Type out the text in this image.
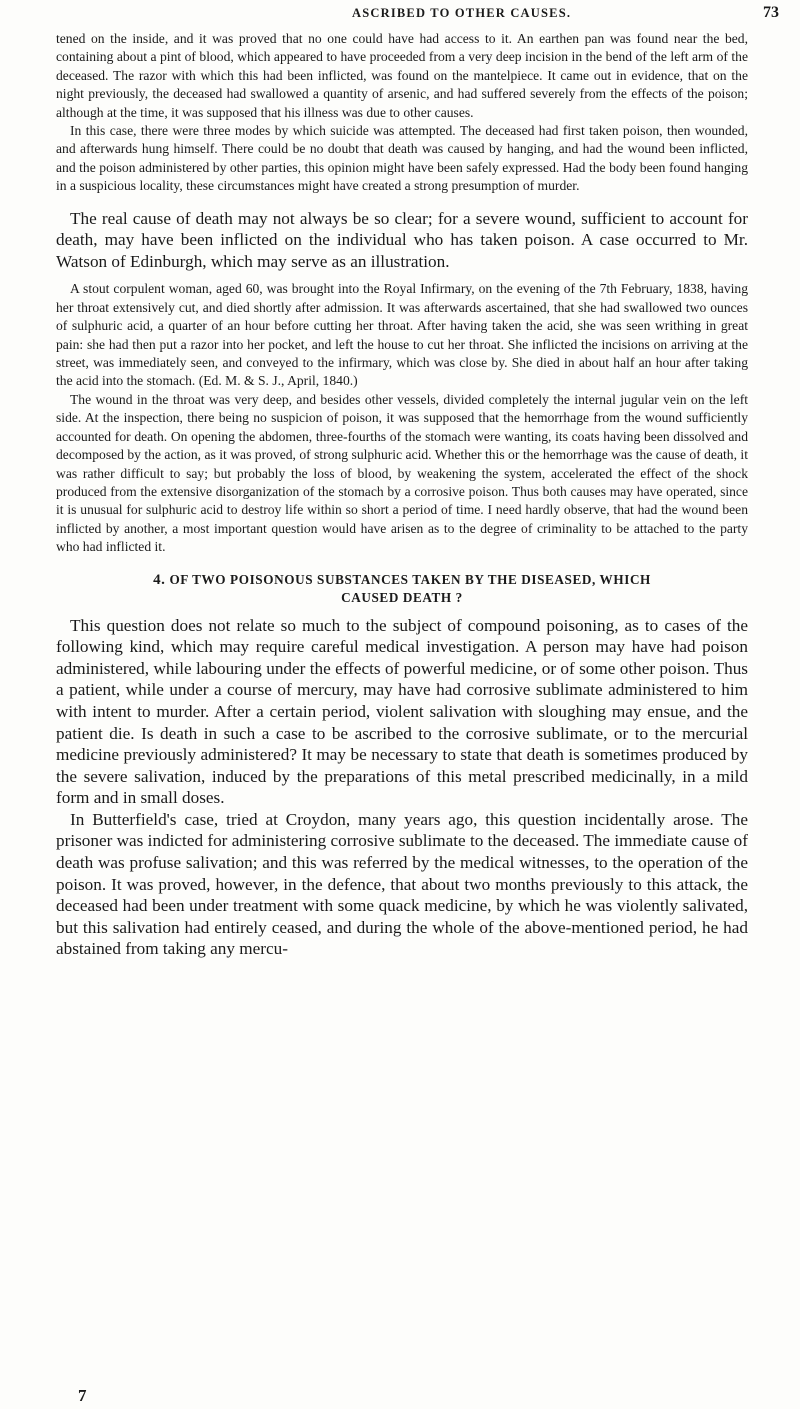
ASCRIBED TO OTHER CAUSES.	73

tened on the inside, and it was proved that no one could have had access to it. An earthen pan was found near the bed, containing about a pint of blood, which appeared to have proceeded from a very deep incision in the bend of the left arm of the deceased. The razor with which this had been inflicted, was found on the mantelpiece. It came out in evidence, that on the night previously, the deceased had swallowed a quantity of arsenic, and had suffered severely from the effects of the poison; although at the time, it was supposed that his illness was due to other causes.

In this case, there were three modes by which suicide was attempted. The deceased had first taken poison, then wounded, and afterwards hung himself. There could be no doubt that death was caused by hanging, and had the wound been inflicted, and the poison administered by other parties, this opinion might have been safely expressed. Had the body been found hanging in a suspicious locality, these circumstances might have created a strong presumption of murder.

The real cause of death may not always be so clear; for a severe wound, sufficient to account for death, may have been inflicted on the individual who has taken poison. A case occurred to Mr. Watson of Edinburgh, which may serve as an illustration.

A stout corpulent woman, aged 60, was brought into the Royal Infirmary, on the evening of the 7th February, 1838, having her throat extensively cut, and died shortly after admission. It was afterwards ascertained, that she had swallowed two ounces of sulphuric acid, a quarter of an hour before cutting her throat. After having taken the acid, she was seen writhing in great pain: she had then put a razor into her pocket, and left the house to cut her throat. She inflicted the incisions on arriving at the street, was immediately seen, and conveyed to the infirmary, which was close by. She died in about half an hour after taking the acid into the stomach. (Ed. M. & S. J., April, 1840.)

The wound in the throat was very deep, and besides other vessels, divided completely the internal jugular vein on the left side. At the inspection, there being no suspicion of poison, it was supposed that the hemorrhage from the wound sufficiently accounted for death. On opening the abdomen, three-fourths of the stomach were wanting, its coats having been dissolved and decomposed by the action, as it was proved, of strong sulphuric acid. Whether this or the hemorrhage was the cause of death, it was rather difficult to say; but probably the loss of blood, by weakening the system, accelerated the effect of the shock produced from the extensive disorganization of the stomach by a corrosive poison. Thus both causes may have operated, since it is unusual for sulphuric acid to destroy life within so short a period of time. I need hardly observe, that had the wound been inflicted by another, a most important question would have arisen as to the degree of criminality to be attached to the party who had inflicted it.

4. OF TWO POISONOUS SUBSTANCES TAKEN BY THE DISEASED, WHICH
CAUSED DEATH ?

This question does not relate so much to the subject of compound poisoning, as to cases of the following kind, which may require careful medical investigation. A person may have had poison administered, while labouring under the effects of powerful medicine, or of some other poison. Thus a patient, while under a course of mercury, may have had corrosive sublimate administered to him with intent to murder. After a certain period, violent salivation with sloughing may ensue, and the patient die. Is death in such a case to be ascribed to the corrosive sublimate, or to the mercurial medicine previously administered? It may be necessary to state that death is sometimes produced by the severe salivation, induced by the preparations of this metal prescribed medicinally, in a mild form and in small doses.

In Butterfield's case, tried at Croydon, many years ago, this question incidentally arose. The prisoner was indicted for administering corrosive sublimate to the deceased. The immediate cause of death was profuse salivation; and this was referred by the medical witnesses, to the operation of the poison. It was proved, however, in the defence, that about two months previously to this attack, the deceased had been under treatment with some quack medicine, by which he was violently salivated, but this salivation had entirely ceased, and during the whole of the above-mentioned period, he had abstained from taking any mercu-

7
